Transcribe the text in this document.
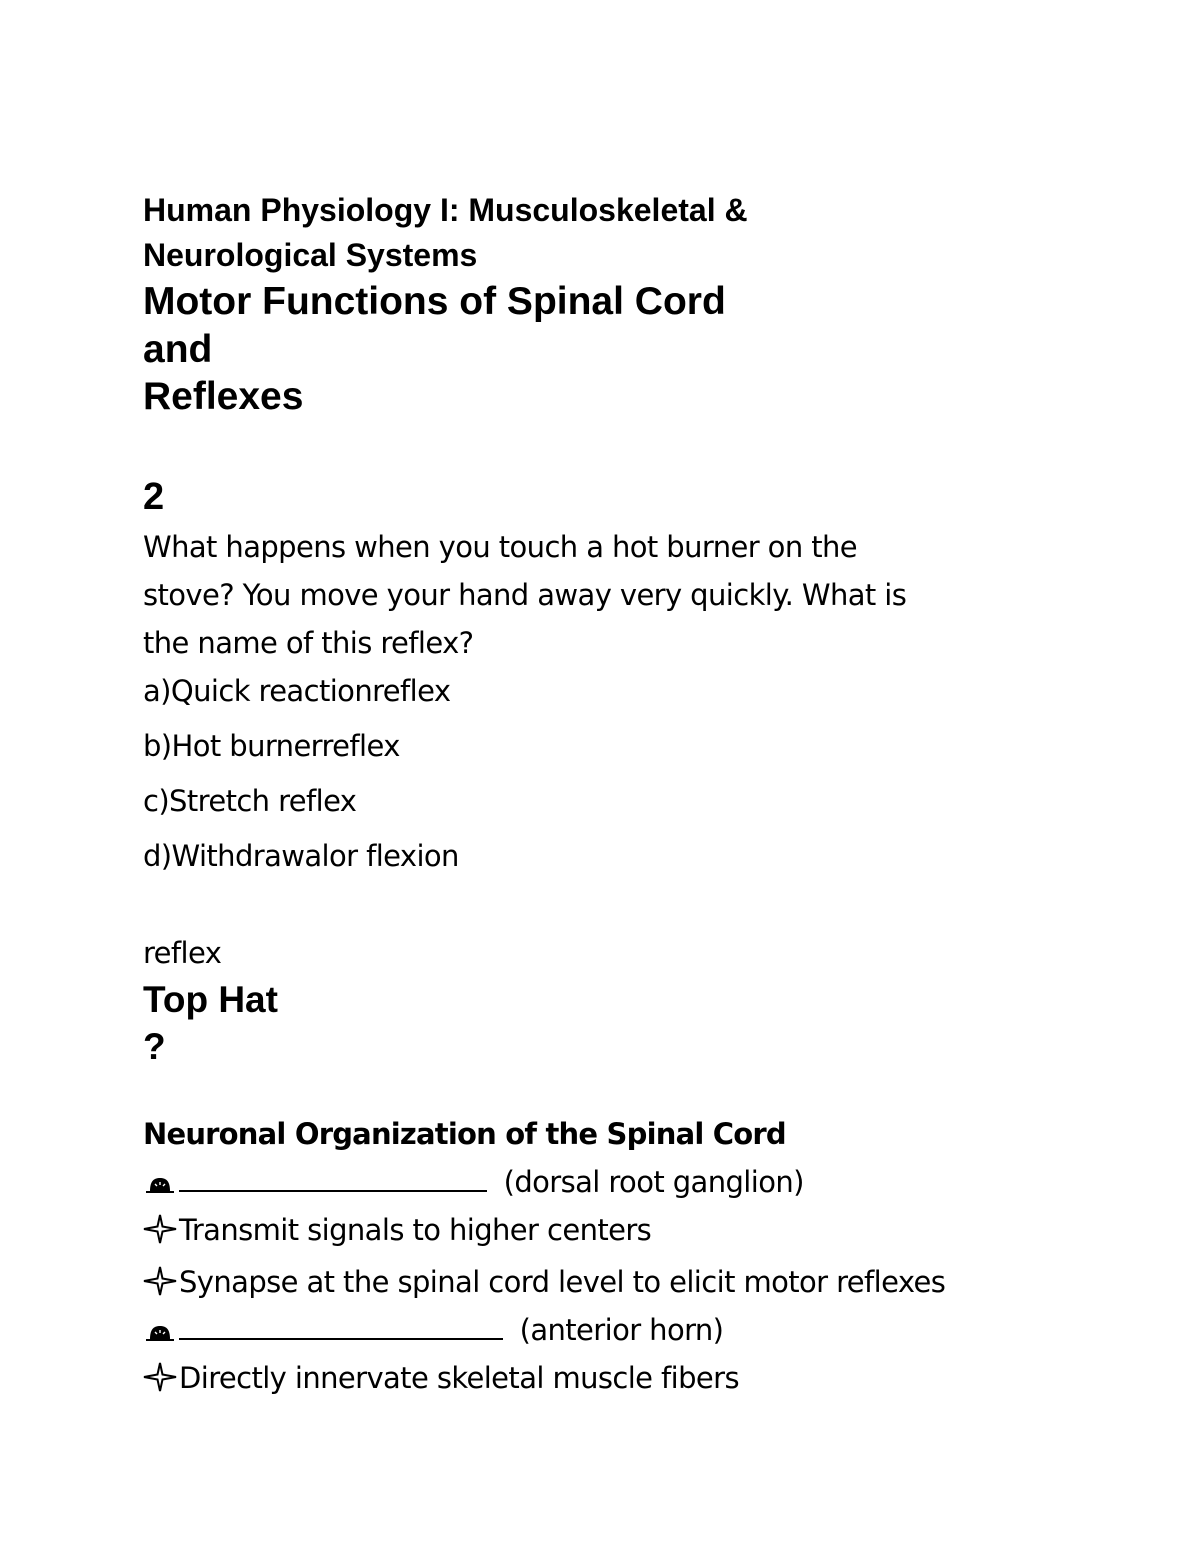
Human Physiology I: Musculoskeletal &
Neurological Systems
Motor Functions of Spinal Cord
and
Reflexes
2
What happens when you touch a hot burner on the
stove? You move your hand away very quickly. What is
the name of this reflex?
a)Quick reactionreflex
b)Hot burnerreflex
c)Stretch reflex
d)Withdrawalor flexion
reflex
Top Hat
?
Neuronal Organization of the Spinal Cord
(dorsal root ganglion)
Transmit signals to higher centers
Synapse at the spinal cord level to elicit motor reflexes
(anterior horn)
Directly innervate skeletal muscle fibers
